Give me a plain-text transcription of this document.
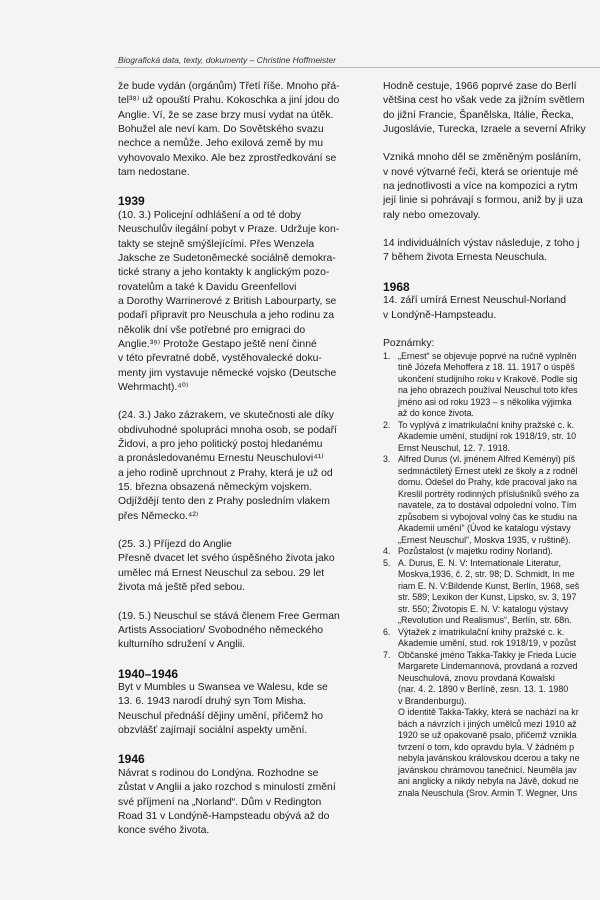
Biografická data, texty, dokumenty – Christine Hoffmeister

že bude vydán (orgánům) Třetí říše. Mnoho přá-

tel³⁸⁾ už opouští Prahu. Kokoschka a jiní jdou do

Anglie. Ví, že se zase brzy musí vydat na útěk.

Bohužel ale neví kam. Do Sovětského svazu

nechce a nemůže. Jeho exilová země by mu

vyhovovalo Mexiko. Ale bez zprostředkování se

tam nedostane.

1939

(10. 3.) Policejní odhlášení a od té doby

Neuschulův ilegální pobyt v Praze. Udržuje kon-

takty se stejně smýšlejícími. Přes Wenzela

Jaksche ze Sudetoněmecké sociálně demokra-

tické strany a jeho kontakty k anglickým pozo-

rovatelům a také k Davidu Greenfellovi

a Dorothy Warrinerové z British Labourparty, se

podaří připravit pro Neuschula a jeho rodinu za

několik dní vše potřebné pro emigraci do

Anglie.³⁹⁾ Protože Gestapo ještě není činné

v této převratné době, vystěhovalecké doku-

menty jim vystavuje německé vojsko (Deutsche

Wehrmacht).⁴⁰⁾

(24. 3.) Jako zázrakem, ve skutečnosti ale díky

obdivuhodné spolupráci mnoha osob, se podaří

Židovi, a pro jeho politický postoj hledanému

a pronásledovanému Ernestu Neuschulovi⁴¹⁾

a jeho rodině uprchnout z Prahy, která je už od

15. března obsazená německým vojskem.

Odjíždějí tento den z Prahy posledním vlakem

přes Německo.⁴²⁾

(25. 3.) Příjezd do Anglie

Přesně dvacet let svého úspěšného života jako

umělec má Ernest Neuschul za sebou. 29 let

života má ještě před sebou.

(19. 5.) Neuschul se stává členem Free German

Artists Association/ Svobodného německého

kulturního sdružení v Anglii.

1940–1946

Byt v Mumbles u Swansea ve Walesu, kde se

13. 6. 1943 narodí druhý syn Tom Misha.

Neuschul přednáší dějiny umění, přičemž ho

obzvlášť zajímají sociální aspekty umění.

1946

Návrat s rodinou do Londýna. Rozhodne se

zůstat v Anglii a jako rozchod s minulostí změní

své příjmení na „Norland“. Dům v Redington

Road 31 v Londýně-Hampsteadu obývá až do

konce svého života.

Hodně cestuje, 1966 poprvé zase do Berlí

většina cest ho však vede za jižním světlem

do jižní Francie, Španělska, Itálie, Řecka,

Jugoslávie, Turecka, Izraele a severní Afriky

Vzniká mnoho děl se změněným posláním,

v nové výtvarné řeči, která se orientuje mé

na jednotlivosti a více na kompozici a rytm

její linie si pohrávají s formou, aniž by ji uza

raly nebo omezovaly.

14 individuálních výstav následuje, z toho j

7 během života Ernesta Neuschula.

1968

14. září umírá Ernest Neuschul-Norland

v Londýně-Hampsteadu.

Poznámky:

1. „Ernest“ se objevuje poprvé na ručně vyplněn
tině Józefa Mehoffera z 18. 11. 1917 o úspěš
ukončení studijního roku v Krakově. Podle sig
na jeho obrazech používal Neuschul toto křes
jméno asi od roku 1923 – s několika výjimka
až do konce života.
2. To vyplývá z imatrikulační knihy pražské c. k.
Akademie umění, studijní rok 1918/19, str. 10
Ernst Neuschul, 12. 7. 1918.
3. Alfred Durus (vl. jménem Alfred Keményi) píš
sedmnáctiletý Ernest utekl ze školy a z rodněl
domu. Odešel do Prahy, kde pracoval jako na
Kreslil portréty rodinných příslušníků svého za
navatele, za to dostával odpolední volno. Tím
způsobem si vybojoval volný čas ke studiu na
Akademii umění“ (Úvod ke katalogu výstavy
„Ernest Neuschul“, Moskva 1935, v ruštině).
4. Pozůstalost (v majetku rodiny Norland).
5. A. Durus, E. N. V: Internationale Literatur,
Moskva,1936, č. 2, str. 98; D. Schmidt, In me
riam E. N. V:Bildende Kunst, Berlín, 1968, seš
str. 589; Lexikon der Kunst, Lipsko, sv. 3, 197
str. 550; Životopis E. N. V: katalogu výstavy
„Revolution und Realismus“, Berlín, str. 68n.
6. Výtažek z imatrikulační knihy pražské c. k.
Akademie umění, stud. rok 1918/19, v pozůst
7. Občanské jméno Takka-Takky je Frieda Lucie
Margarete Lindemannová, provdaná a rozved
Neuschulová, znovu provdaná Kowalski
(nar. 4. 2. 1890 v Berlíně, zesn. 13. 1. 1980
v Brandenburgu).
O identitě Takka-Takky, která se nachází na kr
bách a návrzích i jiných umělců mezi 1910 až
1920 se už opakovaně psalo, přičemž vznikla
tvrzení o tom, kdo opravdu byla. V žádném p
nebyla javánskou královskou dcerou a taky ne
javánskou chrámovou tanečnicí. Neuměla jav
ani anglicky a nikdy nebyla na Jávě, dokud ne
znala Neuschula (Srov. Armin T. Wegner, Uns
